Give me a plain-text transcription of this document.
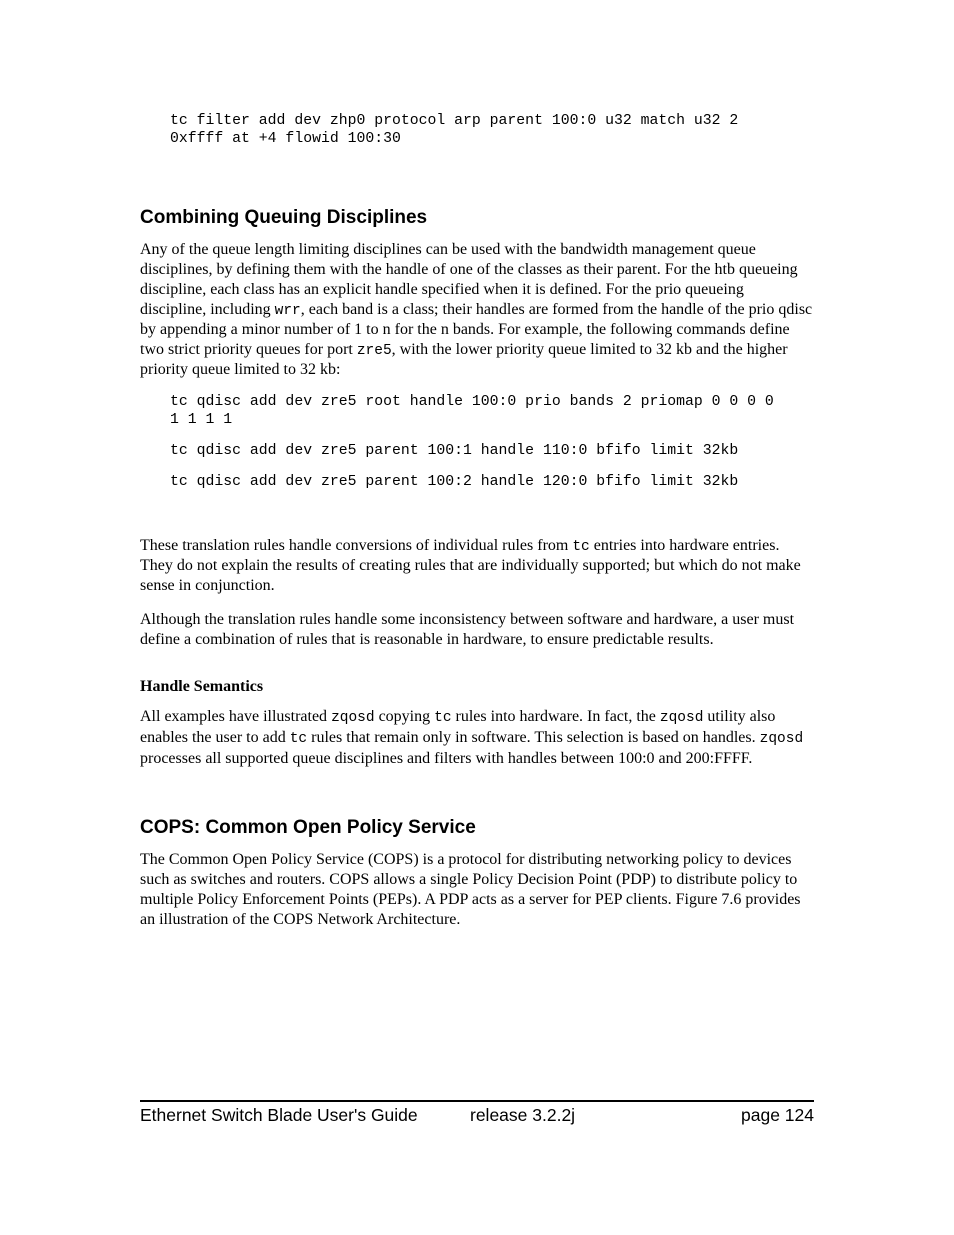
tc filter add dev zhp0 protocol arp parent 100:0 u32 match u32 2
0xffff at +4 flowid 100:30
Combining Queuing Disciplines

Any of the queue length limiting disciplines can be used with the bandwidth management queue disciplines, by defining them with the handle of one of the classes as their parent. For the htb queueing discipline, each class has an explicit handle specified when it is defined. For the prio queueing discipline, including wrr, each band is a class; their handles are formed from the handle of the prio qdisc by appending a minor number of 1 to n for the n bands. For example, the following commands define two strict priority queues for port zre5, with the lower priority queue limited to 32 kb and the higher priority queue limited to 32 kb:

tc qdisc add dev zre5 root handle 100:0 prio bands 2 priomap 0 0 0 0
1 1 1 1
tc qdisc add dev zre5 parent 100:1 handle 110:0 bfifo limit 32kb
tc qdisc add dev zre5 parent 100:2 handle 120:0 bfifo limit 32kb

These translation rules handle conversions of individual rules from tc entries into hardware entries. They do not explain the results of creating rules that are individually supported; but which do not make sense in conjunction.

Although the translation rules handle some inconsistency between software and hardware, a user must define a combination of rules that is reasonable in hardware, to ensure predictable results.

Handle Semantics

All examples have illustrated zqosd copying tc rules into hardware. In fact, the zqosd utility also enables the user to add tc rules that remain only in software. This selection is based on handles. zqosd processes all supported queue disciplines and filters with handles between 100:0 and 200:FFFF.

COPS: Common Open Policy Service

The Common Open Policy Service (COPS) is a protocol for distributing networking policy to devices such as switches and routers. COPS allows a single Policy Decision Point (PDP) to distribute policy to multiple Policy Enforcement Points (PEPs). A PDP acts as a server for PEP clients. Figure 7.6 provides an illustration of the COPS Network Architecture.

Ethernet Switch Blade User's Guide	release 3.2.2j	page 124
